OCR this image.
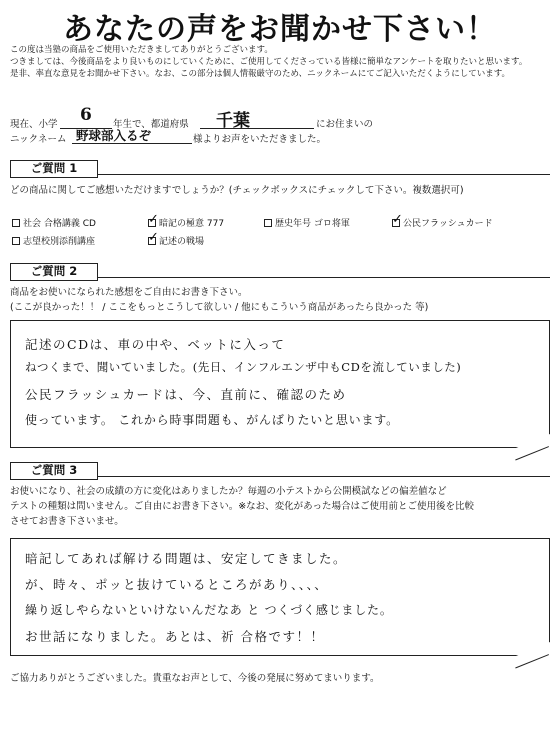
あなたの声をお聞かせ下さい！
この度は当塾の商品をご使用いただきましてありがとうございます。
つきましては、今後商品をより良いものにしていくために、ご使用してくださっている皆様に簡単なアンケートを取りたいと思います。
是非、率直な意見をお聞かせ下さい。なお、この部分は個人情報厳守のため、ニックネームにてご記入いただくようにしています。
現在、小学 6 年生で、都道府県 千葉	にお住まいの
ニックネーム 野球部入るぞ	様よりお声をいただきました。
ご質問 1
どの商品に関してご感想いただけますでしょうか？(チェックボックスにチェックして下さい。複数選択可)
社会 合格講義 CD ✓	暗記の極意 777	歴史年号 ゴロ将軍 ✓	公民フラッシュカード
志望校別添削講座 ✓	記述の戦場
ご質問 2
商品をお使いになられた感想をご自由にお書き下さい。
(ここが良かった！！ / ここをもっとこうして欲しい / 他にもこういう商品があったら良かった 等)
記述のCDは、車の中や、ベットに入って
ねつくまで、聞いていました。(先日、インフルエンザ中もCDを流していました)
公民フラッシュカードは、今、直前に、確認のため
使っています。 これから時事問題も、がんばりたいと思います。
ご質問 3
お使いになり、社会の成績の方に変化はありましたか？毎週の小テストから公開模試などの偏差値など
テストの種類は問いません。ご自由にお書き下さい。※なお、変化があった場合はご使用前とご使用後を比較
させてお書き下さいませ。
暗記してあれば解ける問題は、安定してきました。
が、時々、ポッと抜けているところがあり、、、、
繰り返しやらないといけないんだなあ と つくづく感じました。
お世話になりました。あとは、祈 合格です！！
ご協力ありがとうございました。貴重なお声として、今後の発展に努めてまいります。
